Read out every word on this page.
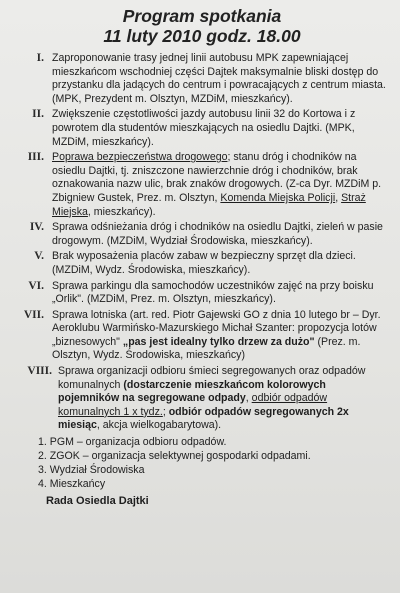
Program spotkania
11 luty 2010 godz. 18.00

I. Zaproponowanie trasy jednej linii autobusu MPK zapewniającej mieszkańcom wschodniej części Dajtek maksymalnie bliski dostęp do przystanku dla jadących do centrum i powracających z centrum miasta.(MPK, Prezydent m. Olsztyn, MZDiM, mieszkańcy).
II. Zwiększenie częstotliwości jazdy autobusu linii 32 do Kortowa i z powrotem dla studentów mieszkających na osiedlu Dajtki. (MPK, MZDiM, mieszkańcy).
III. Poprawa bezpieczeństwa drogowego; stanu dróg i chodników na osiedlu Dajtki, tj. zniszczone nawierzchnie dróg i chodników, brak oznakowania nazw ulic, brak znaków drogowych. (Z-ca Dyr. MZDiM p. Zbigniew Gustek, Prez. m. Olsztyn, Komenda Miejska Policji, Straż Miejska, mieszkańcy).
IV. Sprawa odśnieżania dróg i chodników na osiedlu Dajtki, zieleń w pasie drogowym. (MZDiM, Wydział Środowiska, mieszkańcy).
V. Brak wyposażenia placów zabaw w bezpieczny sprzęt dla dzieci. (MZDiM, Wydz. Środowiska, mieszkańcy).
VI. Sprawa parkingu dla samochodów uczestników zajęć na przy boisku „Orlik". (MZDiM, Prez. m. Olsztyn, mieszkańcy).
VII. Sprawa lotniska (art. red. Piotr Gajewski GO z dnia 10 lutego br – Dyr. Aeroklubu Warmińsko-Mazurskiego Michał Szanter: propozycja lotów „biznesowych" „pas jest idealny tylko drzew za dużo" (Prez. m. Olsztyn, Wydz. Środowiska, mieszkańcy)
VIII. Sprawa organizacji odbioru śmieci segregowanych oraz odpadów komunalnych (dostarczenie mieszkańcom kolorowych pojemników na segregowane odpady, odbiór odpadów komunalnych 1 x tydz.; odbiór odpadów segregowanych 2x miesiąc, akcja wielkogabarytowa).
1. PGM – organizacja odbioru odpadów.
2. ZGOK – organizacja selektywnej gospodarki odpadami.
3. Wydział Środowiska
4. Mieszkańcy
Rada Osiedla Dajtki
